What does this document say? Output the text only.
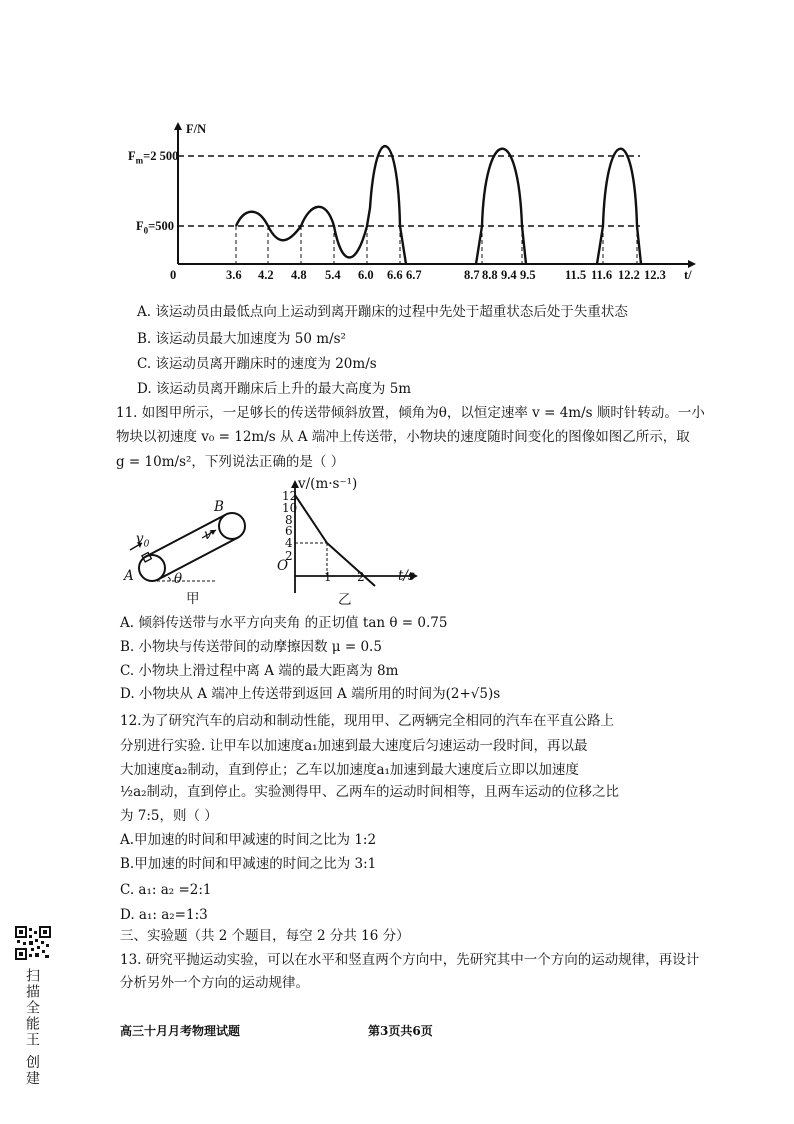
F/N
$F_m=2$ 500
$F_0=500$
0	t/
3.6 4.2 4.8 5.4 6.0 6.6 6.7	8.7 8.8 9.4 9.5 11.5 11.6 12.2 12.3
A. 该运动员由最低点向上运动到离开蹦床的过程中先处于超重状态后处于失重状态
B. 该运动员最大加速度为 50 m/s²
C. 该运动员离开蹦床时的速度为 20m/s
D. 该运动员离开蹦床后上升的最大高度为 5m
11. 如图甲所示，一足够长的传送带倾斜放置，倾角为θ，以恒定速率 v = 4m/s 顺时针转动。一小
物块以初速度 v₀ = 12m/s 从 A 端冲上传送带，小物块的速度随时间变化的图像如图乙所示，取
g = 10m/s²，下列说法正确的是（ ）
B
A
v
$v_0$
θ
甲
v/(m·s⁻¹)
12
10
8
6
4
2
O
1 2 t/s
乙
A. 倾斜传送带与水平方向夹角 的正切值 tan θ = 0.75
B. 小物块与传送带间的动摩擦因数 μ = 0.5
C. 小物块上滑过程中离 A 端的最大距离为 8m
D. 小物块从 A 端冲上传送带到返回 A 端所用的时间为(2+√5)s
12.为了研究汽车的启动和制动性能，现用甲、乙两辆完全相同的汽车在平直公路上
分别进行实验. 让甲车以加速度a₁加速到最大速度后匀速运动一段时间，再以最
大加速度a₂制动，直到停止；乙车以加速度a₁加速到最大速度后立即以加速度
½a₂制动，直到停止。实验测得甲、乙两车的运动时间相等，且两车运动的位移之比
为 7:5，则（ ）
A.甲加速的时间和甲减速的时间之比为 1:2
B.甲加速的时间和甲减速的时间之比为 3:1
C. a₁: a₂ =2:1
D. a₁: a₂=1:3
三、实验题（共 2 个题目，每空 2 分共 16 分）
13. 研究平抛运动实验，可以在水平和竖直两个方向中，先研究其中一个方向的运动规律，再设计
分析另外一个方向的运动规律。
高三十月月考物理试题	第3页共6页
扫描全能王 创建
